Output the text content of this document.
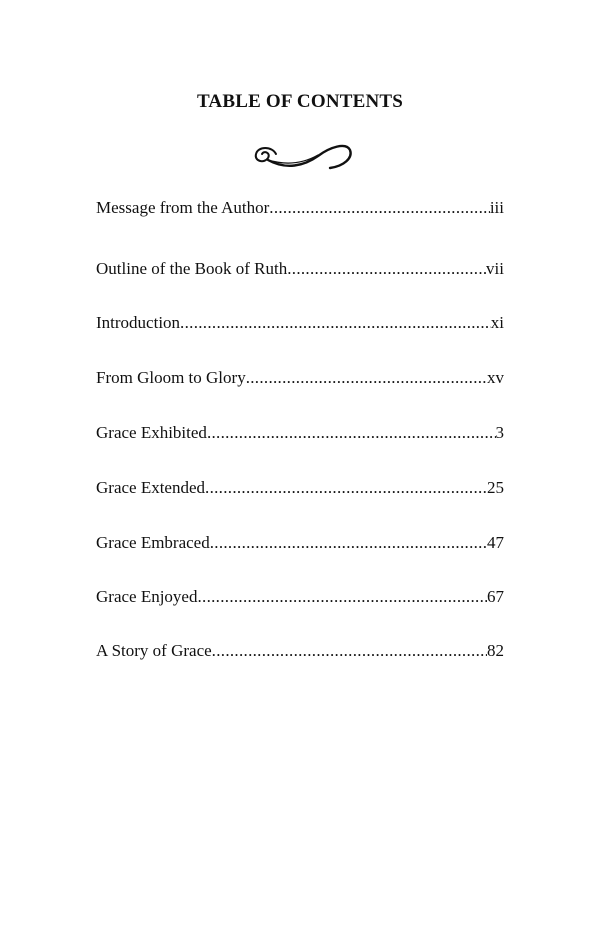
TABLE OF CONTENTS
Message from the Author .....	iii
Outline of the Book of Ruth .....	vii
Introduction .....	xi
From Gloom to Glory .....	xv
Grace Exhibited .....	3
Grace Extended .....	25
Grace Embraced .....	47
Grace Enjoyed .....	67
A Story of Grace .....	82
